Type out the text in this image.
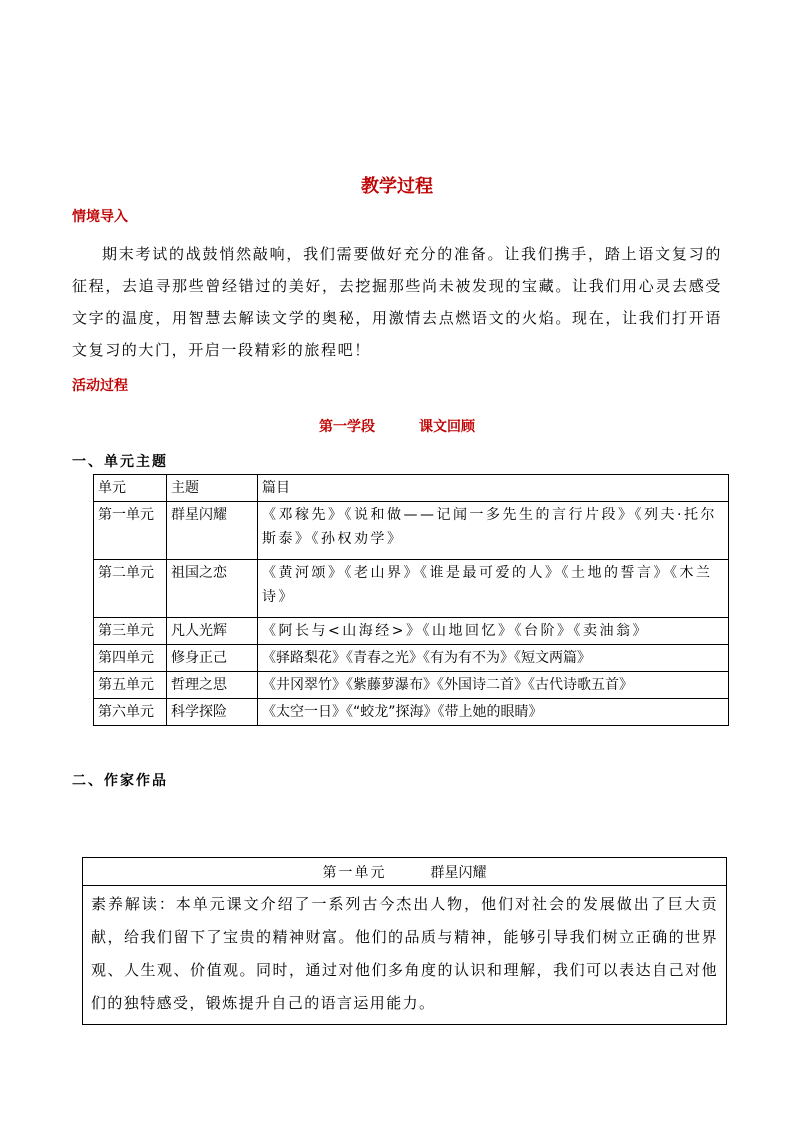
教学过程
情境导入

期末考试的战鼓悄然敲响，我们需要做好充分的准备。让我们携手，踏上语文复习的征程，去追寻那些曾经错过的美好，去挖掘那些尚未被发现的宝藏。让我们用心灵去感受文字的温度，用智慧去解读文学的奥秘，用激情去点燃语文的火焰。现在，让我们打开语文复习的大门，开启一段精彩的旅程吧！

活动过程
第一学段	课文回顾
一、单元主题
单元	主题	篇目
第一单元	群星闪耀	《邓稼先》《说和做——记闻一多先生的言行片段》《列夫·托尔斯泰》《孙权劝学》
第二单元	祖国之恋	《黄河颂》《老山界》《谁是最可爱的人》《土地的誓言》《木兰诗》
第三单元	凡人光辉	《阿长与<山海经>》《山地回忆》《台阶》《卖油翁》
第四单元	修身正己	《驿路梨花》《青春之光》《有为有不为》《短文两篇》
第五单元	哲理之思	《井冈翠竹》《紫藤萝瀑布》《外国诗二首》《古代诗歌五首》
第六单元	科学探险	《太空一日》《“蛟龙”探海》《带上她的眼睛》
二、作家作品
第一单元	群星闪耀
素养解读：本单元课文介绍了一系列古今杰出人物，他们对社会的发展做出了巨大贡献，给我们留下了宝贵的精神财富。他们的品质与精神，能够引导我们树立正确的世界观、人生观、价值观。同时，通过对他们多角度的认识和理解，我们可以表达自己对他们的独特感受，锻炼提升自己的语言运用能力。
